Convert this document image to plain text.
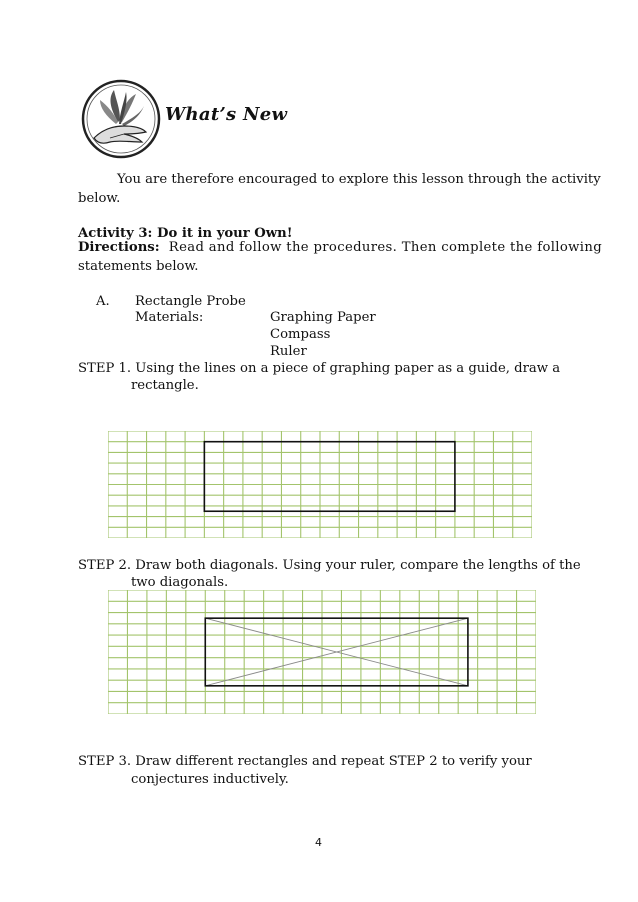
What’s New
You are therefore encouraged to explore this lesson through the activity
below.
Activity 3: Do it in your Own!
Directions: Read and follow the procedures. Then complete the following
statements below.
A. Rectangle Probe
Materials:	Graphing Paper
Compass
Ruler
STEP 1. Using the lines on a piece of graphing paper as a guide, draw a
rectangle.
STEP 2. Draw both diagonals. Using your ruler, compare the lengths of the
two diagonals.
STEP 3. Draw different rectangles and repeat STEP 2 to verify your
conjectures inductively.
4
